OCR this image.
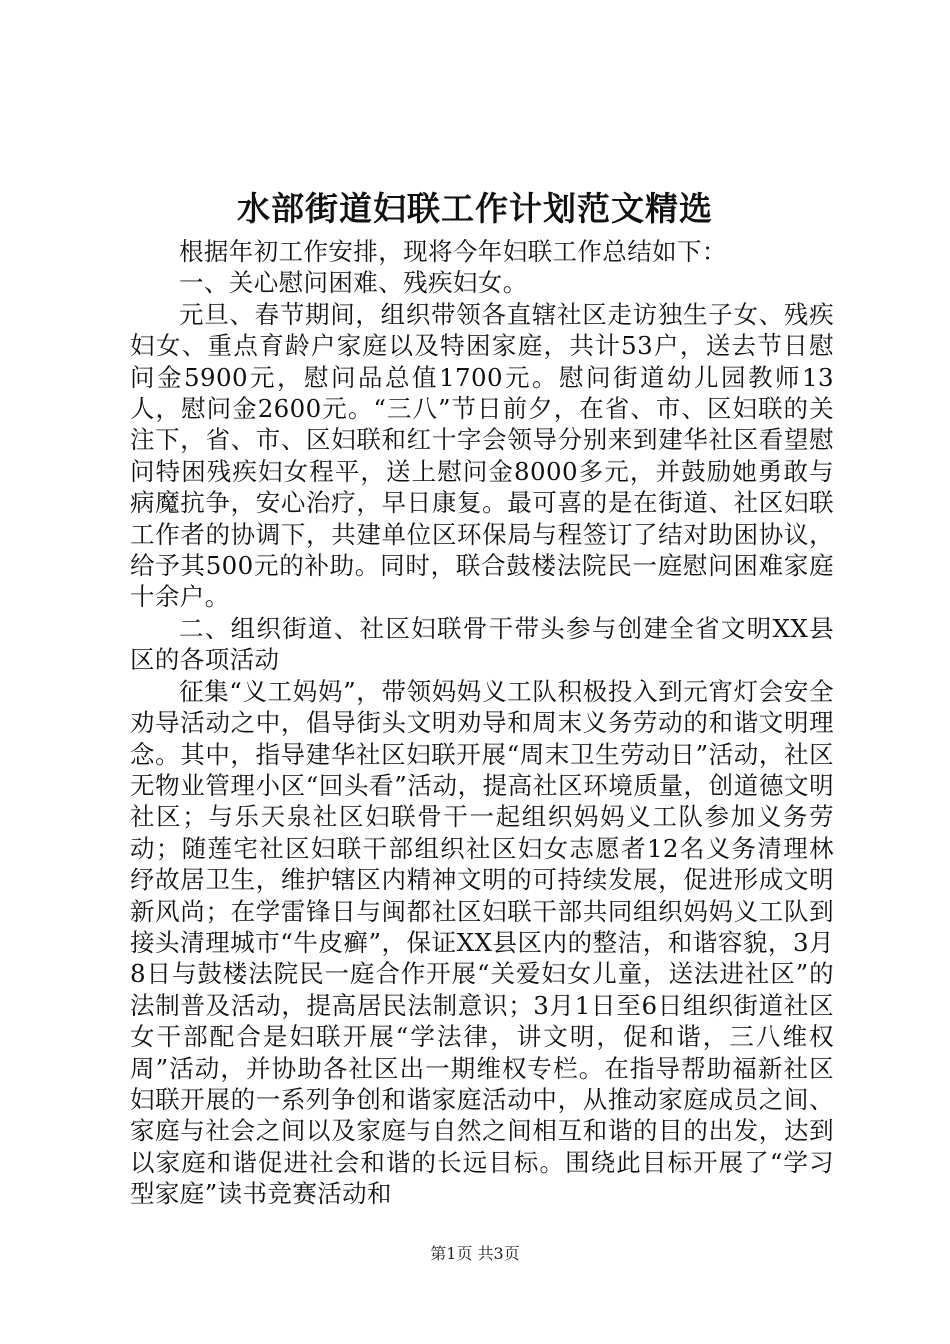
水部街道妇联工作计划范文精选

根据年初工作安排，现将今年妇联工作总结如下：

一、关心慰问困难、残疾妇女。

元旦、春节期间，组织带领各直辖社区走访独生子女、残疾妇女、重点育龄户家庭以及特困家庭，共计53户，送去节日慰问金5900元，慰问品总值1700元。慰问街道幼儿园教师13人，慰问金2600元。“三八”节日前夕，在省、市、区妇联的关注下，省、市、区妇联和红十字会领导分别来到建华社区看望慰问特困残疾妇女程平，送上慰问金8000多元，并鼓励她勇敢与病魔抗争，安心治疗，早日康复。最可喜的是在街道、社区妇联工作者的协调下，共建单位区环保局与程签订了结对助困协议，给予其500元的补助。同时，联合鼓楼法院民一庭慰问困难家庭十余户。

二、组织街道、社区妇联骨干带头参与创建全省文明XX县区的各项活动

征集“义工妈妈”，带领妈妈义工队积极投入到元宵灯会安全劝导活动之中，倡导街头文明劝导和周末义务劳动的和谐文明理念。其中，指导建华社区妇联开展“周末卫生劳动日”活动，社区无物业管理小区“回头看”活动，提高社区环境质量，创道德文明社区；与乐天泉社区妇联骨干一起组织妈妈义工队参加义务劳动；随莲宅社区妇联干部组织社区妇女志愿者12名义务清理林纾故居卫生，维护辖区内精神文明的可持续发展，促进形成文明新风尚；在学雷锋日与闽都社区妇联干部共同组织妈妈义工队到接头清理城市“牛皮癣”，保证XX县区内的整洁，和谐容貌，3月8日与鼓楼法院民一庭合作开展“关爱妇女儿童，送法进社区”的法制普及活动，提高居民法制意识；3月1日至6日组织街道社区女干部配合是妇联开展“学法律，讲文明，促和谐，三八维权周”活动，并协助各社区出一期维权专栏。在指导帮助福新社区妇联开展的一系列争创和谐家庭活动中，从推动家庭成员之间、家庭与社会之间以及家庭与自然之间相互和谐的目的出发，达到以家庭和谐促进社会和谐的长远目标。围绕此目标开展了“学习型家庭”读书竞赛活动和

第1页 共3页
